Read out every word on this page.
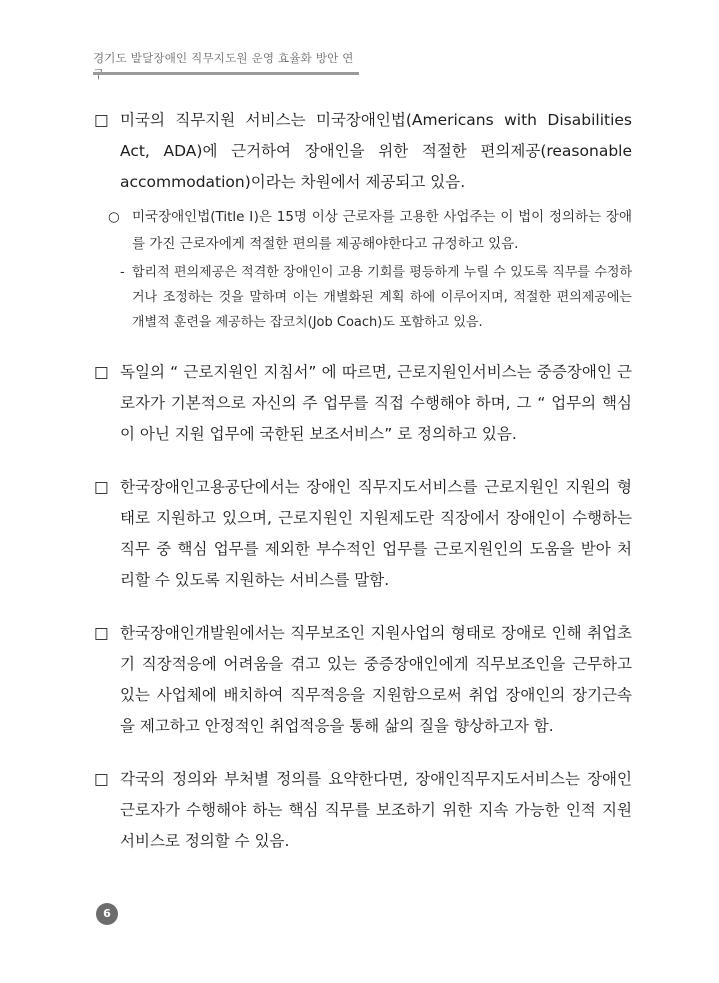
경기도 발달장애인 직무지도원 운영 효율화 방안 연
□ 미국의 직무지원 서비스는 미국장애인법(Americans with Disabilities Act, ADA)에 근거하여 장애인을 위한 적절한 편의제공(reasonable accommodation)이라는 차원에서 제공되고 있음.
○ 미국장애인법(Title Ⅰ)은 15명 이상 근로자를 고용한 사업주는 이 법이 정의하는 장애를 가진 근로자에게 적절한 편의를 제공해야한다고 규정하고 있음.
- 합리적 편의제공은 적격한 장애인이 고용 기회를 평등하게 누릴 수 있도록 직무를 수정하거나 조정하는 것을 말하며 이는 개별화된 계획 하에 이루어지며, 적절한 편의제공에는 개별적 훈련을 제공하는 잡코치(Job Coach)도 포함하고 있음.
□ 독일의 “ 근로지원인 지침서” 에 따르면, 근로지원인서비스는 중증장애인 근로자가 기본적으로 자신의 주 업무를 직접 수행해야 하며, 그 “ 업무의 핵심이 아닌 지원 업무에 국한된 보조서비스” 로 정의하고 있음.
□ 한국장애인고용공단에서는 장애인 직무지도서비스를 근로지원인 지원의 형태로 지원하고 있으며, 근로지원인 지원제도란 직장에서 장애인이 수행하는 직무 중 핵심 업무를 제외한 부수적인 업무를 근로지원인의 도움을 받아 처리할 수 있도록 지원하는 서비스를 말함.
□ 한국장애인개발원에서는 직무보조인 지원사업의 형태로 장애로 인해 취업초기 직장적응에 어려움을 겪고 있는 중증장애인에게 직무보조인을 근무하고 있는 사업체에 배치하여 직무적응을 지원함으로써 취업 장애인의 장기근속을 제고하고 안정적인 취업적응을 통해 삶의 질을 향상하고자 함.
□ 각국의 정의와 부처별 정의를 요약한다면, 장애인직무지도서비스는 장애인 근로자가 수행해야 하는 핵심 직무를 보조하기 위한 지속 가능한 인적 지원서비스로 정의할 수 있음.
6
